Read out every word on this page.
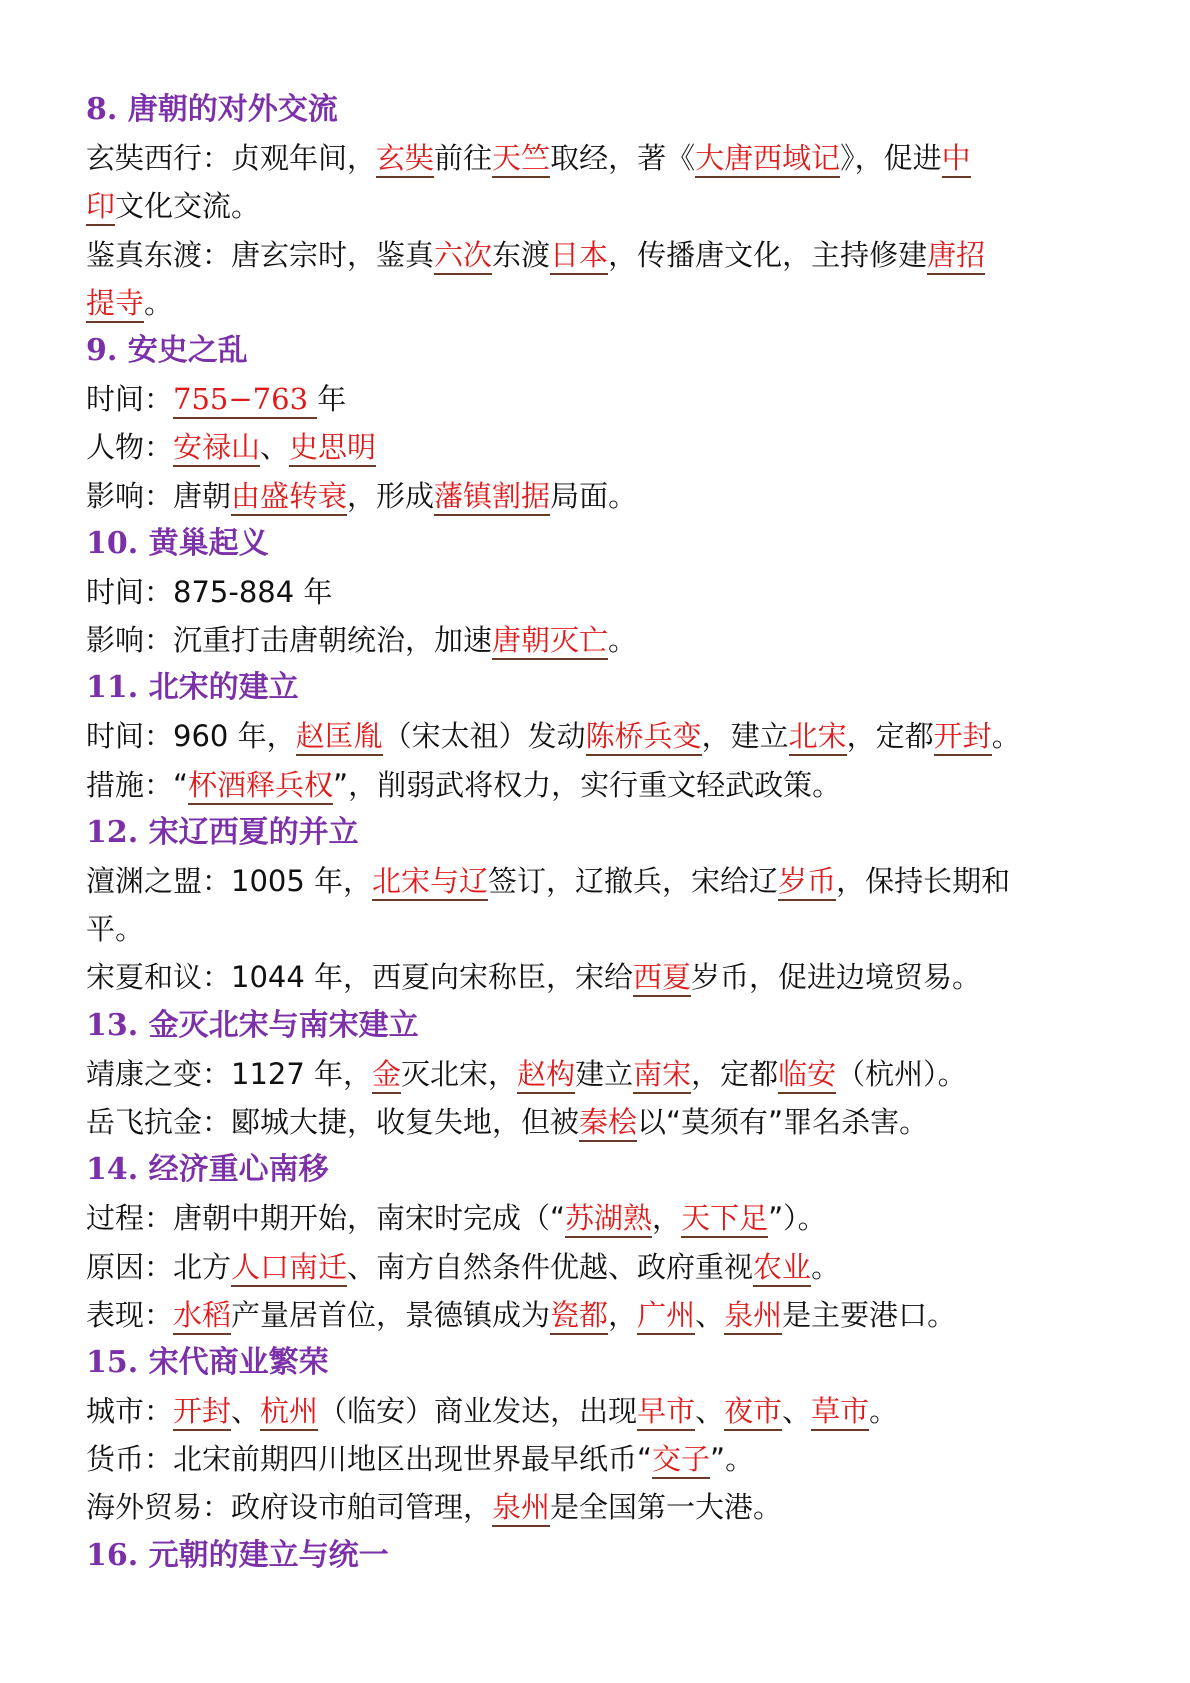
8. 唐朝的对外交流
玄奘西行：贞观年间，玄奘前往天竺取经，著《大唐西域记》，促进中
印文化交流。
鉴真东渡：唐玄宗时，鉴真六次东渡日本，传播唐文化，主持修建唐招
提寺。
9. 安史之乱
时间：755−763 年
人物：安禄山、史思明
影响：唐朝由盛转衰，形成藩镇割据局面。
10. 黄巢起义
时间：875-884 年
影响：沉重打击唐朝统治，加速唐朝灭亡。
11. 北宋的建立
时间：960 年，赵匡胤（宋太祖）发动陈桥兵变，建立北宋，定都开封。
措施：“杯酒释兵权”，削弱武将权力，实行重文轻武政策。
12. 宋辽西夏的并立
澶渊之盟：1005 年，北宋与辽签订，辽撤兵，宋给辽岁币，保持长期和
平。
宋夏和议：1044 年，西夏向宋称臣，宋给西夏岁币，促进边境贸易。
13. 金灭北宋与南宋建立
靖康之变：1127 年，金灭北宋，赵构建立南宋，定都临安（杭州）。
岳飞抗金：郾城大捷，收复失地，但被秦桧以“莫须有”罪名杀害。
14. 经济重心南移
过程：唐朝中期开始，南宋时完成（“苏湖熟，天下足”）。
原因：北方人口南迁、南方自然条件优越、政府重视农业。
表现：水稻产量居首位，景德镇成为瓷都，广州、泉州是主要港口。
15. 宋代商业繁荣
城市：开封、杭州（临安）商业发达，出现早市、夜市、草市。
货币：北宋前期四川地区出现世界最早纸币“交子”。
海外贸易：政府设市舶司管理，泉州是全国第一大港。
16. 元朝的建立与统一
